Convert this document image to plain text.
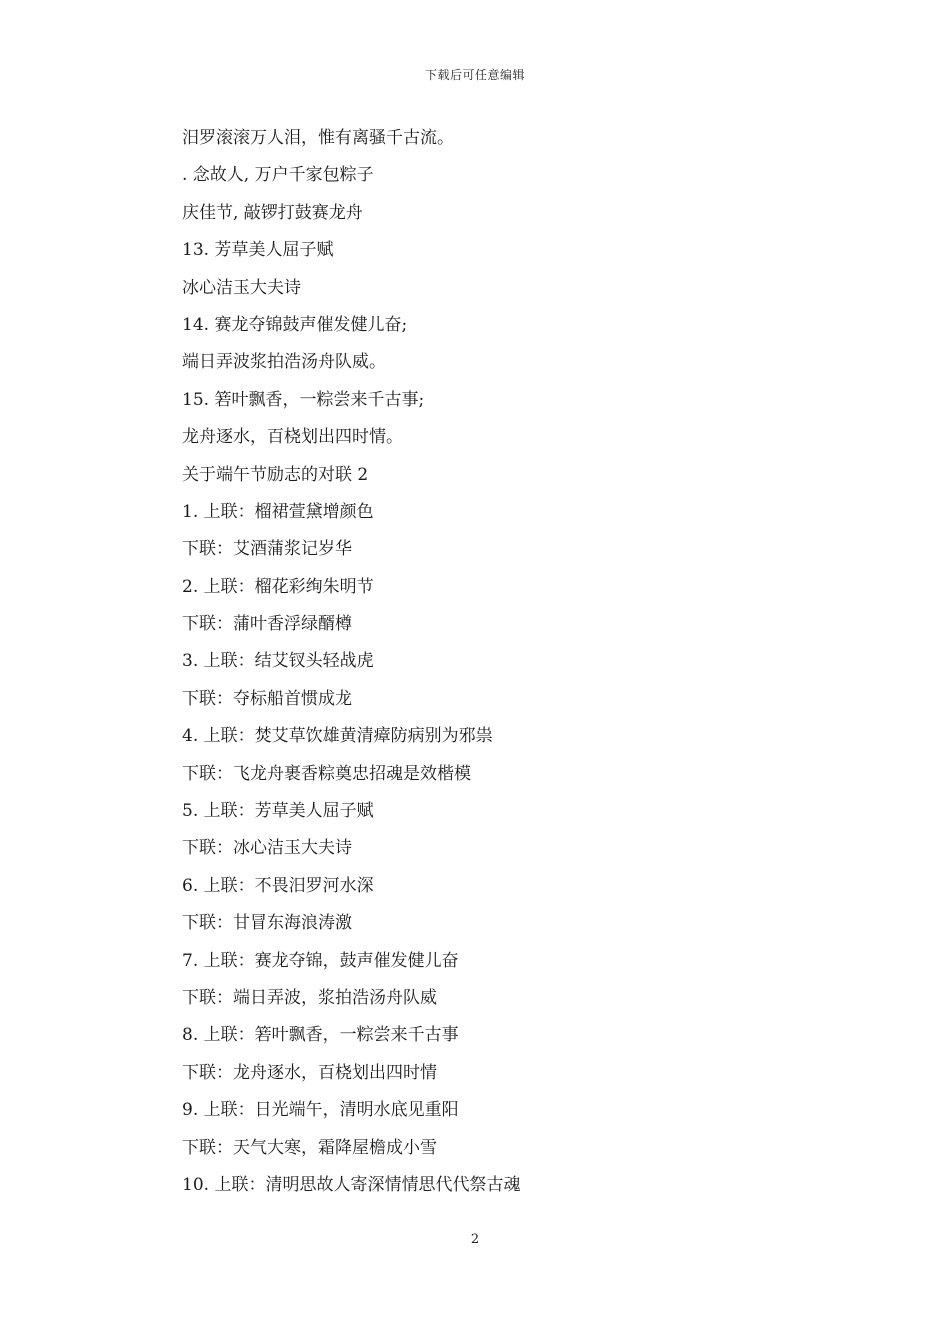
下载后可任意编辑
汨罗滚滚万人泪，惟有离骚千古流。
. 念故人, 万户千家包粽子
庆佳节, 敲锣打鼓赛龙舟
13. 芳草美人屈子赋
冰心洁玉大夫诗
14. 赛龙夺锦鼓声催发健儿奋;
端日弄波浆拍浩汤舟队威。
15. 箬叶飘香，一粽尝来千古事;
龙舟逐水，百桡划出四时情。
关于端午节励志的对联 2
1. 上联：榴裙萱黛增颜色
下联：艾酒蒲浆记岁华
2. 上联：榴花彩绚朱明节
下联：蒲叶香浮绿醑樽
3. 上联：结艾钗头轻战虎
下联：夺标船首惯成龙
4. 上联：焚艾草饮雄黄清瘴防病别为邪祟
下联：飞龙舟裹香粽奠忠招魂是效楷模
5. 上联：芳草美人屈子赋
下联：冰心洁玉大夫诗
6. 上联：不畏汨罗河水深
下联：甘冒东海浪涛激
7. 上联：赛龙夺锦，鼓声催发健儿奋
下联：端日弄波，浆拍浩汤舟队威
8. 上联：箬叶飘香，一粽尝来千古事
下联：龙舟逐水，百桡划出四时情
9. 上联：日光端午，清明水底见重阳
下联：天气大寒，霜降屋檐成小雪
10. 上联：清明思故人寄深情情思代代祭古魂
2
